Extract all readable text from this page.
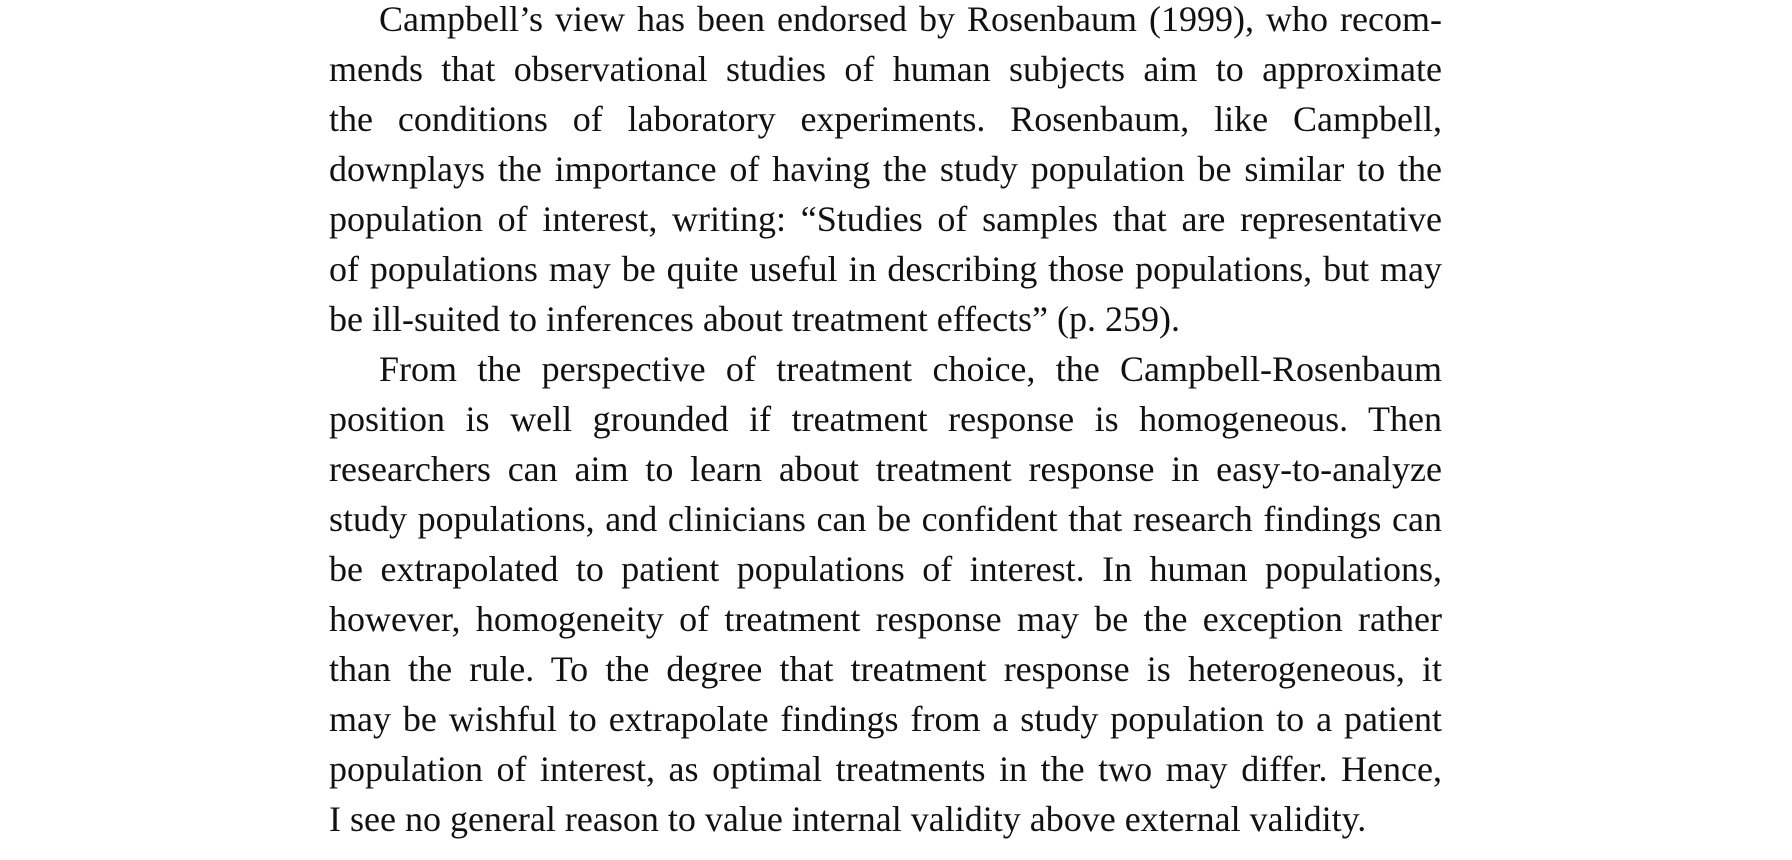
Campbell’s view has been endorsed by Rosenbaum (1999), who recom-
mends that observational studies of human subjects aim to approximate
the conditions of laboratory experiments. Rosenbaum, like Campbell,
downplays the importance of having the study population be similar to the
population of interest, writing: “Studies of samples that are representative
of populations may be quite useful in describing those populations, but may
be ill-suited to inferences about treatment effects” (p. 259).
From the perspective of treatment choice, the Campbell-Rosenbaum
position is well grounded if treatment response is homogeneous. Then
researchers can aim to learn about treatment response in easy-to-analyze
study populations, and clinicians can be confident that research findings can
be extrapolated to patient populations of interest. In human populations,
however, homogeneity of treatment response may be the exception rather
than the rule. To the degree that treatment response is heterogeneous, it
may be wishful to extrapolate findings from a study population to a patient
population of interest, as optimal treatments in the two may differ. Hence,
I see no general reason to value internal validity above external validity.
